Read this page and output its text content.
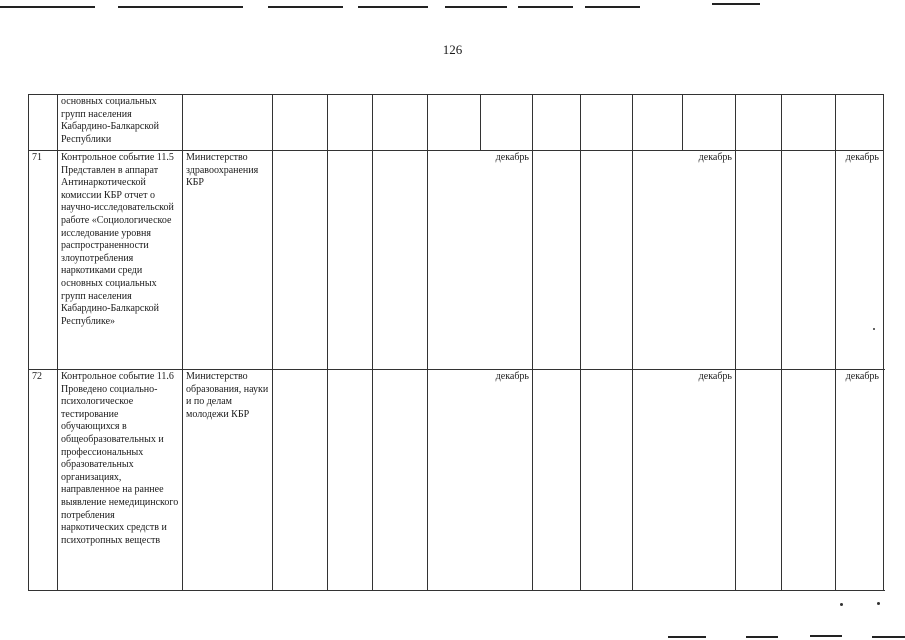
126
	основных социальных групп населения Кабардино-Балкарской Республики													
71	Контрольное событие 11.5 Представлен в аппарат Антинаркотической комиссии КБР отчет о научно-исследовательской работе «Социологическое исследование уровня распространенности злоупотребления наркотиками среди основных социальных групп населения Кабардино-Балкарской Республике»	Министерство здравоохранения КБР				декабрь				декабрь				декабрь
72	Контрольное событие 11.6 Проведено социально-психологическое тестирование обучающихся в общеобразовательных и профессиональных образовательных организациях, направленное на раннее выявление немедицинского потребления наркотических средств и психотропных веществ	Министерство образования, науки и по делам молодежи КБР				декабрь				декабрь				декабрь
